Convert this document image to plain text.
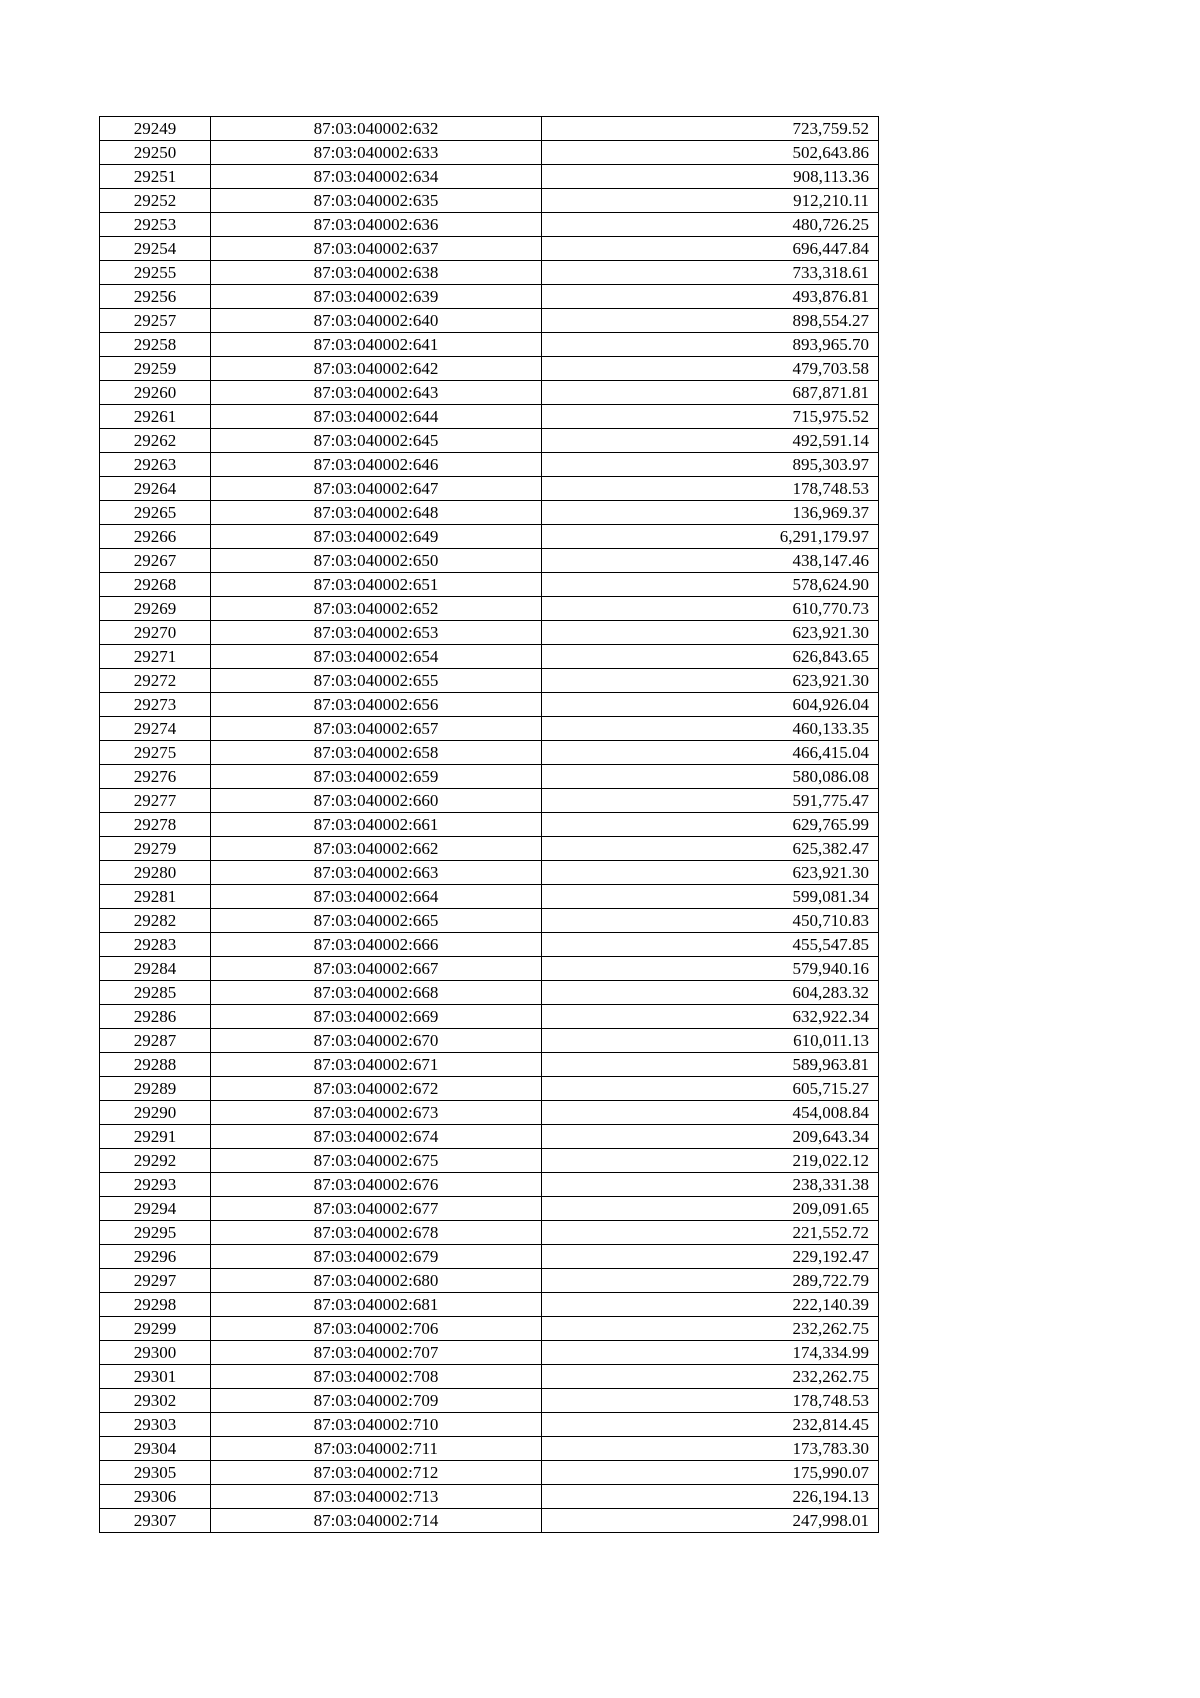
29249	87:03:040002:632	723,759.52
29250	87:03:040002:633	502,643.86
29251	87:03:040002:634	908,113.36
29252	87:03:040002:635	912,210.11
29253	87:03:040002:636	480,726.25
29254	87:03:040002:637	696,447.84
29255	87:03:040002:638	733,318.61
29256	87:03:040002:639	493,876.81
29257	87:03:040002:640	898,554.27
29258	87:03:040002:641	893,965.70
29259	87:03:040002:642	479,703.58
29260	87:03:040002:643	687,871.81
29261	87:03:040002:644	715,975.52
29262	87:03:040002:645	492,591.14
29263	87:03:040002:646	895,303.97
29264	87:03:040002:647	178,748.53
29265	87:03:040002:648	136,969.37
29266	87:03:040002:649	6,291,179.97
29267	87:03:040002:650	438,147.46
29268	87:03:040002:651	578,624.90
29269	87:03:040002:652	610,770.73
29270	87:03:040002:653	623,921.30
29271	87:03:040002:654	626,843.65
29272	87:03:040002:655	623,921.30
29273	87:03:040002:656	604,926.04
29274	87:03:040002:657	460,133.35
29275	87:03:040002:658	466,415.04
29276	87:03:040002:659	580,086.08
29277	87:03:040002:660	591,775.47
29278	87:03:040002:661	629,765.99
29279	87:03:040002:662	625,382.47
29280	87:03:040002:663	623,921.30
29281	87:03:040002:664	599,081.34
29282	87:03:040002:665	450,710.83
29283	87:03:040002:666	455,547.85
29284	87:03:040002:667	579,940.16
29285	87:03:040002:668	604,283.32
29286	87:03:040002:669	632,922.34
29287	87:03:040002:670	610,011.13
29288	87:03:040002:671	589,963.81
29289	87:03:040002:672	605,715.27
29290	87:03:040002:673	454,008.84
29291	87:03:040002:674	209,643.34
29292	87:03:040002:675	219,022.12
29293	87:03:040002:676	238,331.38
29294	87:03:040002:677	209,091.65
29295	87:03:040002:678	221,552.72
29296	87:03:040002:679	229,192.47
29297	87:03:040002:680	289,722.79
29298	87:03:040002:681	222,140.39
29299	87:03:040002:706	232,262.75
29300	87:03:040002:707	174,334.99
29301	87:03:040002:708	232,262.75
29302	87:03:040002:709	178,748.53
29303	87:03:040002:710	232,814.45
29304	87:03:040002:711	173,783.30
29305	87:03:040002:712	175,990.07
29306	87:03:040002:713	226,194.13
29307	87:03:040002:714	247,998.01
